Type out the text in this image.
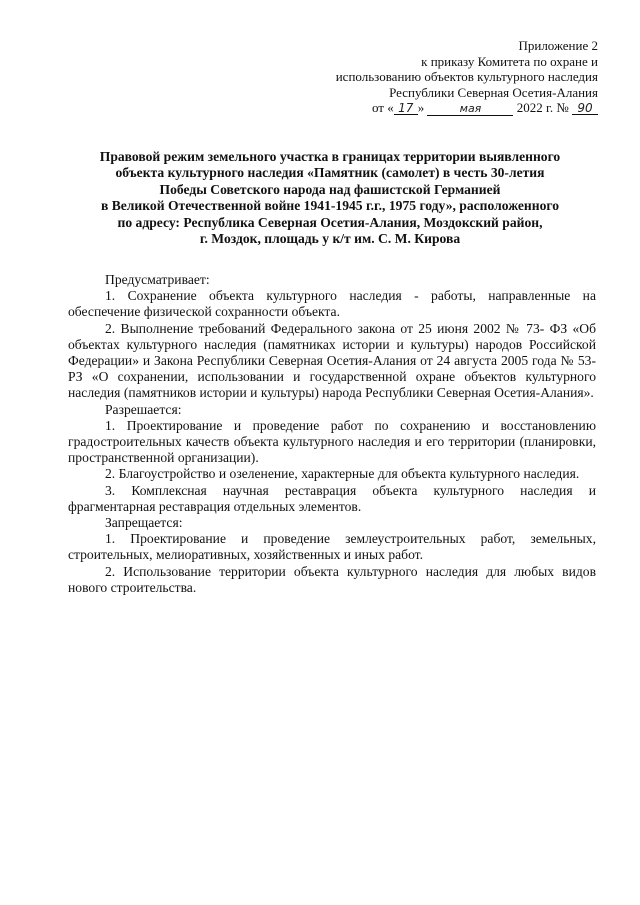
Приложение 2
к приказу Комитета по охране и
использованию объектов культурного наследия
Республики Северная Осетия-Алания
от « 17 »	мая	2022 г. № 90
Правовой режим земельного участка в границах территории выявленного
объекта культурного наследия «Памятник (самолет) в честь 30-летия
Победы Советского народа над фашистской Германией
в Великой Отечественной войне 1941-1945 г.г., 1975 году», расположенного
по адресу: Республика Северная Осетия-Алания, Моздокский район,
г. Моздок, площадь у к/т им. С. М. Кирова

Предусматривает:

1. Сохранение объекта культурного наследия - работы, направленные на обеспечение физической сохранности объекта.

2. Выполнение требований Федерального закона от 25 июня 2002 № 73- ФЗ «Об объектах культурного наследия (памятниках истории и культуры) народов Российской Федерации» и Закона Республики Северная Осетия-Алания от 24 августа 2005 года № 53-РЗ «О сохранении, использовании и государственной охране объектов культурного наследия (памятников истории и культуры) народа Республики Северная Осетия-Алания».

Разрешается:

1. Проектирование и проведение работ по сохранению и восстановлению градостроительных качеств объекта культурного наследия и его территории (планировки, пространственной организации).

2. Благоустройство и озеленение, характерные для объекта культурного наследия.

3. Комплексная научная реставрация объекта культурного наследия и фрагментарная реставрация отдельных элементов.

Запрещается:

1. Проектирование и проведение землеустроительных работ, земельных, строительных, мелиоративных, хозяйственных и иных работ.

2. Использование территории объекта культурного наследия для любых видов нового строительства.
